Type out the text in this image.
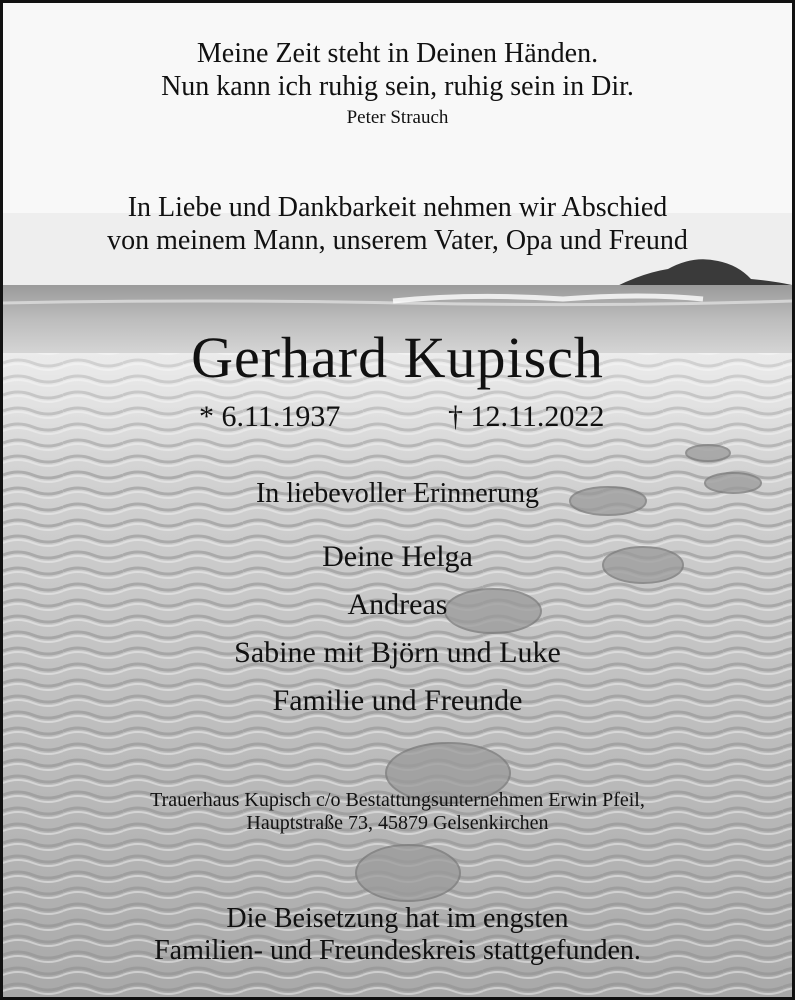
Meine Zeit steht in Deinen Händen.
Nun kann ich ruhig sein, ruhig sein in Dir.
Peter Strauch
In Liebe und Dankbarkeit nehmen wir Abschied
von meinem Mann, unserem Vater, Opa und Freund
Gerhard Kupisch
* 6.11.1937	† 12.11.2022
In liebevoller Erinnerung
Deine Helga
Andreas
Sabine mit Björn und Luke
Familie und Freunde
Trauerhaus Kupisch c/o Bestattungsunternehmen Erwin Pfeil,
Hauptstraße 73, 45879 Gelsenkirchen
Die Beisetzung hat im engsten
Familien- und Freundeskreis stattgefunden.
